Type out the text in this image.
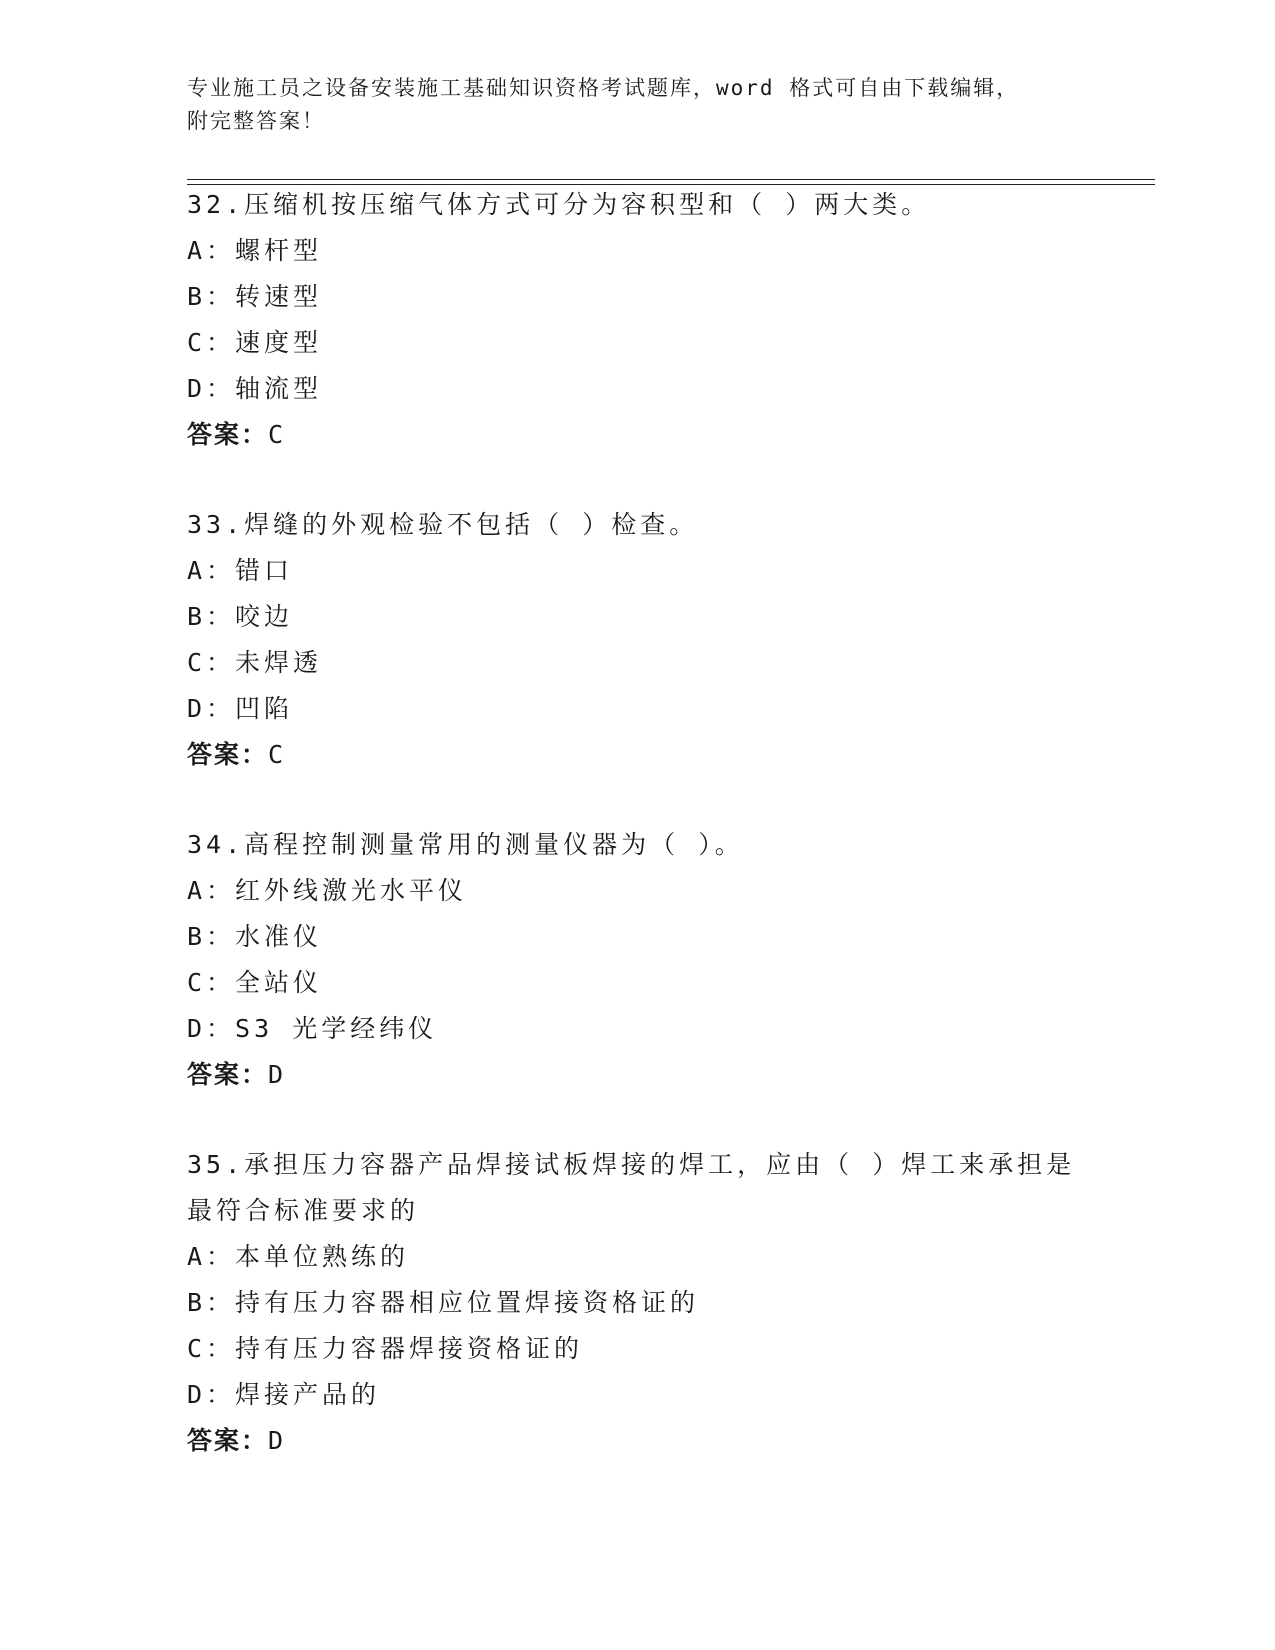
专业施工员之设备安装施工基础知识资格考试题库，word 格式可自由下载编辑，
附完整答案！

32.压缩机按压缩气体方式可分为容积型和（ ）两大类。

A：螺杆型

B：转速型

C：速度型

D：轴流型

答案：C

33.焊缝的外观检验不包括（ ）检查。

A：错口

B：咬边

C：未焊透

D：凹陷

答案：C

34.高程控制测量常用的测量仪器为（ ）。

A：红外线激光水平仪

B：水准仪

C：全站仪

D：S3 光学经纬仪

答案：D

35.承担压力容器产品焊接试板焊接的焊工，应由（ ）焊工来承担是

最符合标准要求的

A：本单位熟练的

B：持有压力容器相应位置焊接资格证的

C：持有压力容器焊接资格证的

D：焊接产品的

答案：D
